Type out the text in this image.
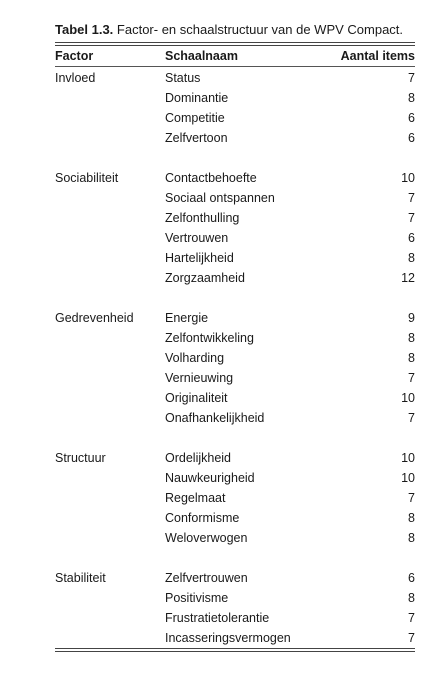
Tabel 1.3. Factor- en schaalstructuur van de WPV Compact.

Factor	Schaalnaam	Aantal items

Invloed	Status	7
	Dominantie	8
	Competitie	6
	Zelfvertoon	6

Sociabiliteit	Contactbehoefte	10
	Sociaal ontspannen	7
	Zelfonthulling	7
	Vertrouwen	6
	Hartelijkheid	8
	Zorgzaamheid	12

Gedrevenheid	Energie	9
	Zelfontwikkeling	8
	Volharding	8
	Vernieuwing	7
	Originaliteit	10
	Onafhankelijkheid	7

Structuur	Ordelijkheid	10
	Nauwkeurigheid	10
	Regelmaat	7
	Conformisme	8
	Weloverwogen	8

Stabiliteit	Zelfvertrouwen	6
	Positivisme	8
	Frustratietolerantie	7
	Incasseringsvermogen	7
